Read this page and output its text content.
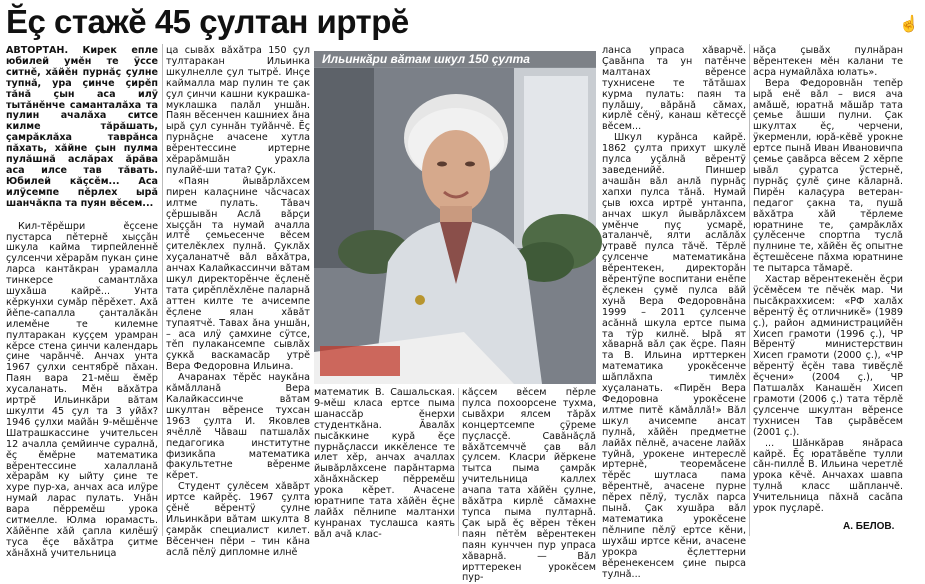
Ĕç стажĕ 45 çултан иртрĕ	☝

АВТОРТАН. Кирек епле юбилей умĕн те ÿссе ситнĕ, хăйĕн пурнăç çулне тупнă, ура çинче çирĕп тăнă çын аса илÿ тытăнĕнче саманталăха та пулин ачалăха ситсе килме тăрăшать, çамрăклăха таврăнса пăхать, хăйне çын пулма пулăшнă аслăрах ăрăва аса илсе тав тăвать. Юбилей кăçсĕм... Аса илÿсемпе пĕрлех ырă шанчăкпа та пуян вĕсем...

Кил-тĕрĕшри ĕçсене пустарса пĕтернĕ хыççăн шкула кайма тирпейленнĕ çулсенчи хĕрарăм пукан çине ларса кантăкран урамалла тинкерсе самантлăха шухăша кайрĕ... Унта кĕркунхи сумăр пĕрĕхет. Ахă йĕпе-сапалла çанталăкăн илемĕне те килемне пултаракан куççем урамран кĕрсе стена çинчи календарь çине чарăнчĕ. Анчах унта 1967 çулхи сентябрĕ пăхан. Паян вара 21-мĕш ĕмĕр хусаланать. Мĕн вăхăтра иртрĕ Ильинкăри вăтам шкулти 45 çул та 3 уйăх? 1946 çулхи майăн 9-мĕшĕнче Шатрашкассине учительсен 12 ачалла çемйинче суралнă, ĕç ĕмĕрне математика вĕрентессине халалланă хĕрарăм ку ыйту çине те хуре пур-ха, анчах аса илÿре нумай ларас пулать. Унăн вара пĕрремĕш урока ситмелле. Юлма юрамасть. Хăйĕнпе хăй çапла килĕшÿ туса ĕçе вăхăтра çитме хăнăхнă учительница

ца сывăх вăхăтра 150 çул тултаракан Ильинка шкулнелле çул тытрĕ. Инçе каймалла мар пулин те çак çул çинчи кашни кукрашка-муклашка палăл уншăн. Паян вĕсенчен кашниех ăна ырă çул суннăн туйăнчĕ. Ĕç пурнăçне ачасене хутла вĕрентессине иртерне хĕрарăмшăн урахла пулайĕ-ши тата? Çук.

«Паян йывăрлăхсем пирен калаçнине чăсчасах илтме пулать. Тăвач çĕршывăн Аслă вăрçи хыççăн та нумай ачалла илтĕ çемьесенче вĕсем çителĕклех пулнă. Çуклăх хуçаланатчĕ вăл вăхăтра, анчах Калайкассинчи вăтам шкул директорĕнче ĕçленĕ тата çирĕплĕхлĕне паларнă аттен килте те ачисемпе ĕçлене ялан хăвăт тупаятчĕ. Тавах ăна уншăн, – аса илÿ çамхине сÿтсе, тĕп пулакансемпе сывлăх çуккă васкамасăр утрĕ Вера Федоровна Ильина.

Ачаранах тĕрĕс наукăна кăмăлланă Вера Калайкассинче вăтам шкултан вĕренсе тухсан 1963 çулта И. Яковлев ячĕллĕ Чăваш патшалăх педагогика институтне физикăпа математика факультетне вĕренме кĕрет.

Студент çулĕсем хăвăрт иртсе кайрĕç. 1967 çулта çĕнĕ вĕрентÿ çулне Ильинкăри вăтам шкулта 8 çамрăк специалист килет. Вĕсенчен пĕри – тин кăна аслă пĕлÿ дипломне илнĕ

Ильинкӑри вӑтам шкул 150 çулта

математик В. Сашальская. 9-мĕш класа ертсе пыма шанассăр ĕнерхи студенткăна. Ăвалăх пысăккине курă ĕçе пурнăçласси иккĕленсе те илет хĕр, анчах ачаллах йывăрлăхсене парăнтарма хăнăхнăскер пĕрремĕш урока кĕрет. Ачасене юратнипе тата хăйĕн ĕçне лайăх пĕлнипе малтанхи кунранах туслашса каять вăл ачă клас-

ланса упраса хăварчĕ. Çавăнпа та ун патĕнче малтанах вĕренсе тухнисене те тăтăшах курма пулать: паян та пулăшу, вăрăнă сăмах, кирлĕ сĕнÿ, канаш кĕтесçĕ вĕсем...

Шкул курăнса кайрĕ. 1862 çулта прихут шкулĕ пулса уçăлнă вĕрентÿ заведенийĕ. Пиншер ачашăн вăл анлă пурнăç хапхи пулса тăнă. Нумай çыв юхса иртрĕ унтанпа, анчах шкул йывăрлăхсем умĕнче пуç усмарĕ, аталанчĕ, ялти аслăлăх утравĕ пулса тăчĕ. Тĕрлĕ çулсенче математикăна вĕрентекен, директорăн вĕрентÿпе воспитани енĕпе ĕçлекен çумĕ пулса вăй хунă Вера Федоровнăна 1999 – 2011 çулсенче асăннă шкула ертсе пыма та тÿр килнĕ. Ырă ят хăварнă вăл çак ĕçре. Паян та В. Ильина ирттеркен математика урокĕсенче шăплăхпа тимлĕх хуçаланать. «Пирĕн Вера Федоровна урокĕсене илтме питĕ кăмăллă!» Вăл шкул ачисемпе ансат пулнă, хăйĕн предметне лайăх пĕлнĕ, ачасене лайăх туйнă, урокене интереслĕ иртернĕ, теоремăсене тĕрĕс шутласа пама вĕрентнĕ, ачасене пурне пĕрех пĕлÿ, туслăх парса пынă. Çак хушăра вăл математика урокĕсене пĕлнипе пĕлÿ ертсе кĕни, шухăш иртсе кĕни, ачасене урокра ĕçлеттерни вĕренекенсем çине пырса тулнă...

кăçсем вĕсем пĕрле пулса похоорсене тухма, сывăхри ялсем тăрăх концертсемпе çÿреме пуçласçĕ. Савăнăçлă вăхăтсемччĕ çав вăл çулсем. Класри йĕркене тытса пыма çамрăк учительница каллех ачапа тата хăйĕн çулне, вăхăтра кирлĕ сăмахне тупса пыма пултарнă. Çак ырă ĕç вĕрен тĕкен паян пĕтĕм вĕрентекен паян кунччен пур упраса хăварнă. — Вăл ирттерекен урокĕсем пур-

нăçа çывăх пулнăран вĕрентекен мĕн калани те асра нумайлăха юлать».

Вера Федоровнăн тепĕр ырă енĕ вăл – вися ача амăшĕ, юратнă мăшăр тата çемье ăшши пулни. Çак шкултах ĕç, черчени, ÿкерменли, юрă-кĕвĕ урокне ертсе пынă Иван Ивановичпа çемье çавăрса вĕсем 2 хĕрпе ывăл çуратса ÿстернĕ, пурнăç çулĕ çине кăларнă. Пирĕн калаçура ветеран-педагог çакна та, пушă вăхăтра хăй тĕрлеме юратнине те, çамрăклăх çулĕсенче спортпа туслă пулнине те, хăйĕн ĕç опытне ĕçтешĕсене пăхма юратнине те пытарса тăмарĕ.

Хастар вĕрентекенĕн ĕçри ÿсĕмĕсем те пĕчĕк мар. Чи пысăкраххисем: «РФ халăх вĕрентÿ ĕç отличникĕ» (1989 ç.), район администрацийĕн Хисеп грамоти (1996 ç.), ЧР Вĕрентÿ министерствин Хисеп грамоти (2000 ç.), «ЧР вĕрентÿ ĕçĕн тава тивĕçлĕ ĕçчени» (2004 ç.), ЧР Патшалăх Канашĕн Хисеп грамоти (2006 ç.) тата тĕрлĕ çулсенче шкултан вĕренсе тухнисен Тав çырăвĕсем (2001 ç.).

... Шăнкăрав янăраса кайрĕ. Ĕç юратăвĕпе тулли сăн-пиллĕ В. Ильина черетлĕ урока кĕчĕ. Анчахах шавпа тулнă класс шăпланчĕ. Учительница пăхнă сасăпа урок пуçларĕ.

А. БЕЛОВ.
